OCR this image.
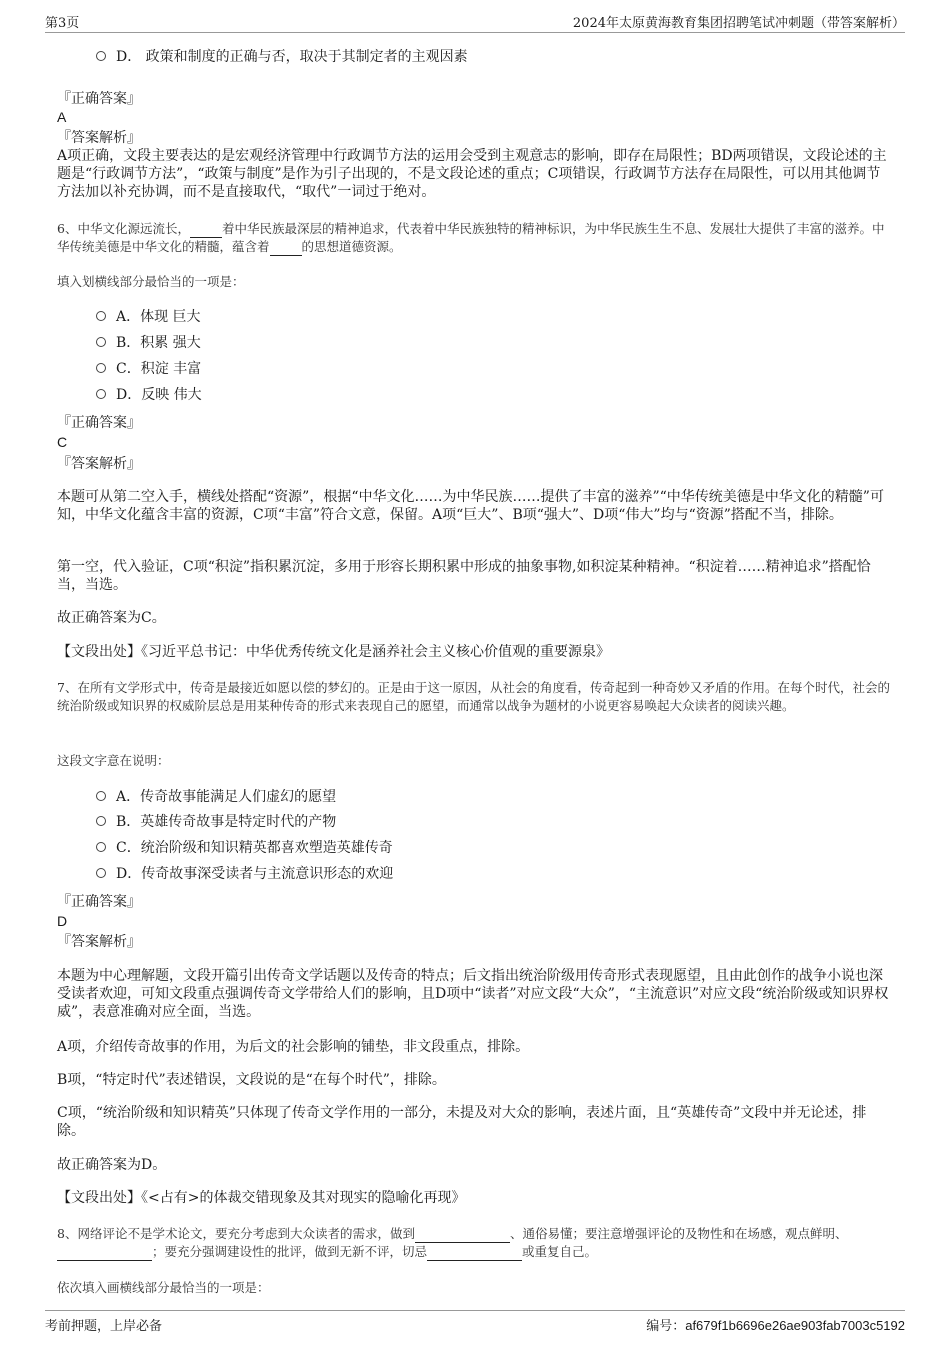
第3页	2024年太原黄海教育集团招聘笔试冲刺题（带答案解析）
D． 政策和制度的正确与否，取决于其制定者的主观因素
『正确答案』
A
『答案解析』
A项正确，文段主要表达的是宏观经济管理中行政调节方法的运用会受到主观意志的影响，即存在局限性；BD两项错误，文段论述的主题是“行政调节方法”，“政策与制度”是作为引子出现的，不是文段论述的重点；C项错误，行政调节方法存在局限性，可以用其他调节方法加以补充协调，而不是直接取代，“取代”一词过于绝对。
6、中华文化源远流长，	着中华民族最深层的精神追求，代表着中华民族独特的精神标识，为中华民族生生不息、发展壮大提供了丰富的滋养。中华传统美德是中华文化的精髓，蕴含着	的思想道德资源。
填入划横线部分最恰当的一项是：
A．体现 巨大
B．积累 强大
C．积淀 丰富
D．反映 伟大
『正确答案』
C
『答案解析』
本题可从第二空入手，横线处搭配“资源”，根据“中华文化……为中华民族……提供了丰富的滋养”“中华传统美德是中华文化的精髓”可知，中华文化蕴含丰富的资源，C项“丰富”符合文意，保留。A项“巨大”、B项“强大”、D项“伟大”均与“资源”搭配不当，排除。
第一空，代入验证，C项“积淀”指积累沉淀，多用于形容长期积累中形成的抽象事物,如积淀某种精神。“积淀着……精神追求”搭配恰当，当选。
故正确答案为C。
【文段出处】《习近平总书记：中华优秀传统文化是涵养社会主义核心价值观的重要源泉》
7、在所有文学形式中，传奇是最接近如愿以偿的梦幻的。正是由于这一原因，从社会的角度看，传奇起到一种奇妙又矛盾的作用。在每个时代，社会的统治阶级或知识界的权威阶层总是用某种传奇的形式来表现自己的愿望，而通常以战争为题材的小说更容易唤起大众读者的阅读兴趣。
这段文字意在说明：
A．传奇故事能满足人们虚幻的愿望
B．英雄传奇故事是特定时代的产物
C．统治阶级和知识精英都喜欢塑造英雄传奇
D．传奇故事深受读者与主流意识形态的欢迎
『正确答案』
D
『答案解析』
本题为中心理解题，文段开篇引出传奇文学话题以及传奇的特点；后文指出统治阶级用传奇形式表现愿望，且由此创作的战争小说也深受读者欢迎，可知文段重点强调传奇文学带给人们的影响，且D项中“读者”对应文段“大众”，“主流意识”对应文段“统治阶级或知识界权威”，表意准确对应全面，当选。
A项，介绍传奇故事的作用，为后文的社会影响的铺垫，非文段重点，排除。
B项，“特定时代”表述错误，文段说的是“在每个时代”，排除。
C项，“统治阶级和知识精英”只体现了传奇文学作用的一部分，未提及对大众的影响，表述片面，且“英雄传奇”文段中并无论述，排除。
故正确答案为D。
【文段出处】《<占有>的体裁交错现象及其对现实的隐喻化再现》
8、网络评论不是学术论文，要充分考虑到大众读者的需求，做到	、通俗易懂；要注意增强评论的及物性和在场感，观点鲜明、；要充分强调建设性的批评，做到无新不评，切忌	或重复自己。
依次填入画横线部分最恰当的一项是：
考前押题，上岸必备	编号：af679f1b6696e26ae903fab7003c5192
